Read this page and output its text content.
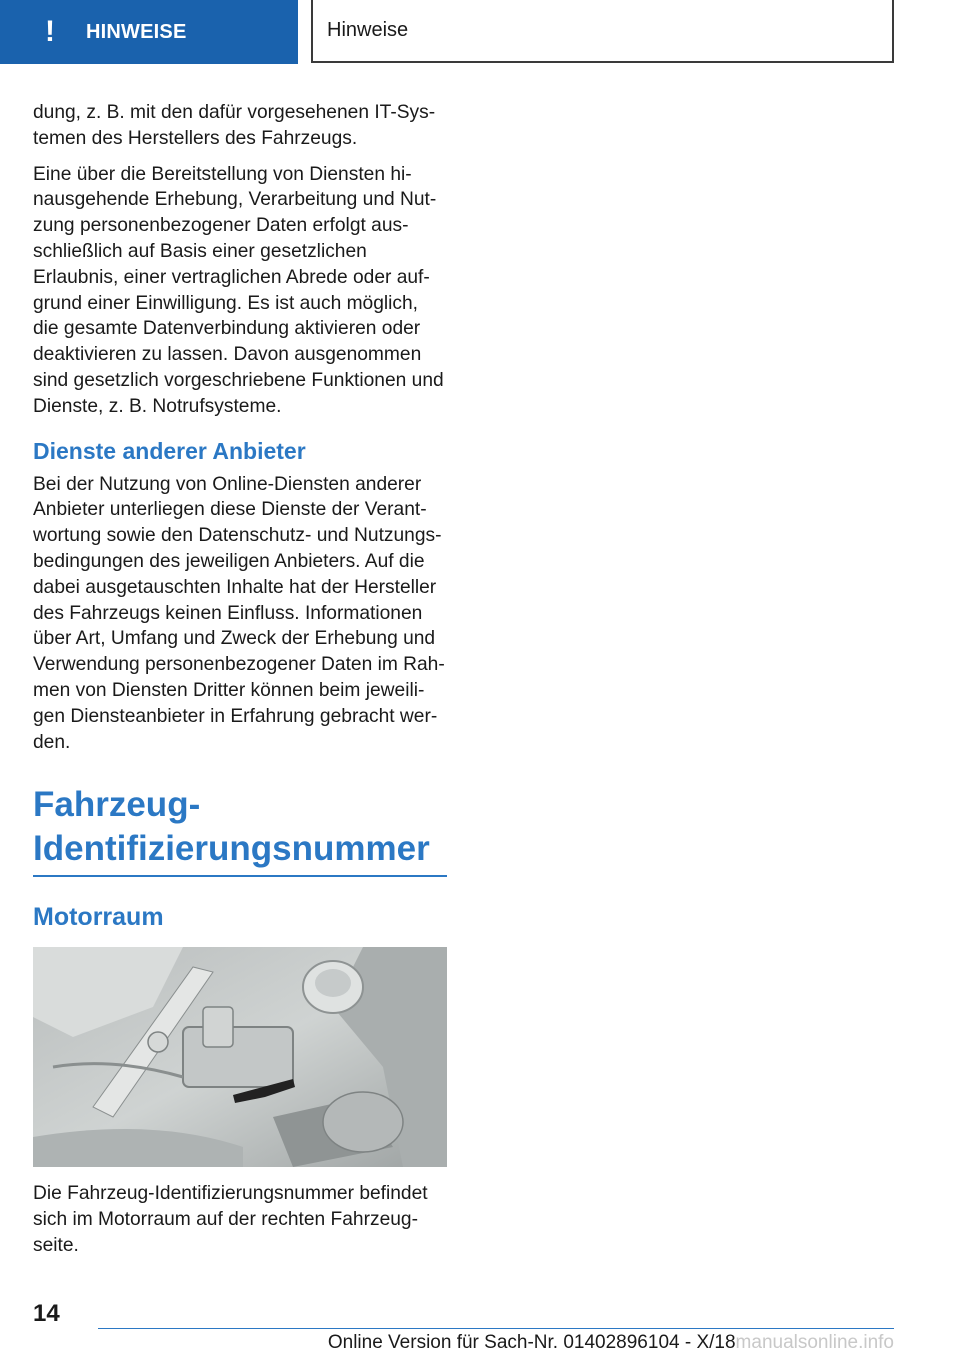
! HINWEISE	Hinweise

dung, z. B. mit den dafür vorgesehenen IT-Systemen des Herstellers des Fahrzeugs.

Eine über die Bereitstellung von Diensten hinausgehende Erhebung, Verarbeitung und Nutzung personenbezogener Daten erfolgt ausschließlich auf Basis einer gesetzlichen Erlaubnis, einer vertraglichen Abrede oder aufgrund einer Einwilligung. Es ist auch möglich, die gesamte Datenverbindung aktivieren oder deaktivieren zu lassen. Davon ausgenommen sind gesetzlich vorgeschriebene Funktionen und Dienste, z. B. Notrufsysteme.

Dienste anderer Anbieter

Bei der Nutzung von Online-Diensten anderer Anbieter unterliegen diese Dienste der Verantwortung sowie den Datenschutz- und Nutzungsbedingungen des jeweiligen Anbieters. Auf die dabei ausgetauschten Inhalte hat der Hersteller des Fahrzeugs keinen Einfluss. Informationen über Art, Umfang und Zweck der Erhebung und Verwendung personenbezogener Daten im Rahmen von Diensten Dritter können beim jeweiligen Diensteanbieter in Erfahrung gebracht werden.

Fahrzeug-
Identifizierungsnummer
Motorraum

Die Fahrzeug-Identifizierungsnummer befindet sich im Motorraum auf der rechten Fahrzeugseite.

14
Online Version für Sach-Nr. 01402896104 - X/18manualsonline.info
